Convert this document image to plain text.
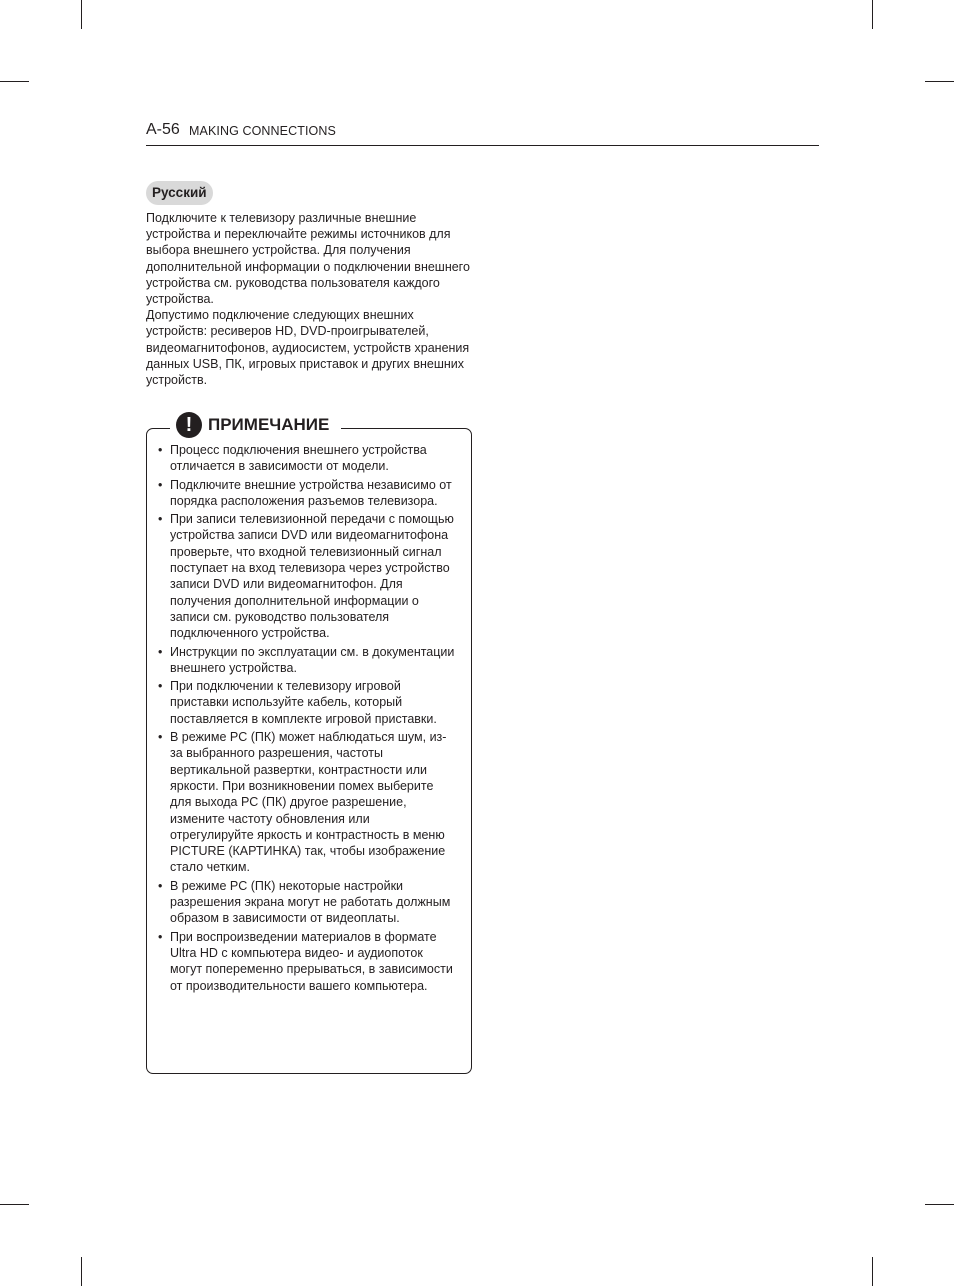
A-56 MAKING CONNECTIONS
Русский

Подключите к телевизору различные внешние устройства и переключайте режимы источников для выбора внешнего устройства. Для получения дополнительной информации о подключении внешнего устройства см. руководства пользователя каждого устройства.

Допустимо подключение следующих внешних устройств: ресиверов HD, DVD-проигрывателей, видеомагнитофонов, аудиосистем, устройств хранения данных USB, ПК, игровых приставок и других внешних устройств.

! ПРИМЕЧАНИЕ
• Процесс подключения внешнего устройства отличается в зависимости от модели.
• Подключите внешние устройства независимо от порядка расположения разъемов телевизора.
• При записи телевизионной передачи с помощью устройства записи DVD или видеомагнитофона проверьте, что входной телевизионный сигнал поступает на вход телевизора через устройство записи DVD или видеомагнитофон. Для получения дополнительной информации о записи см. руководство пользователя подключенного устройства.
• Инструкции по эксплуатации см. в документации внешнего устройства.
• При подключении к телевизору игровой приставки используйте кабель, который поставляется в комплекте игровой приставки.
• В режиме PC (ПК) может наблюдаться шум, из-за выбранного разрешения, частоты вертикальной развертки, контрастности или яркости. При возникновении помех выберите для выхода PC (ПК) другое разрешение, измените частоту обновления или отрегулируйте яркость и контрастность в меню PICTURE (КАРТИНКА) так, чтобы изображение стало четким.
• В режиме PC (ПК) некоторые настройки разрешения экрана могут не работать должным образом в зависимости от видеоплаты.
• При воспроизведении материалов в формате Ultra HD с компьютера видео- и аудиопоток могут попеременно прерываться, в зависимости от производительности вашего компьютера.
